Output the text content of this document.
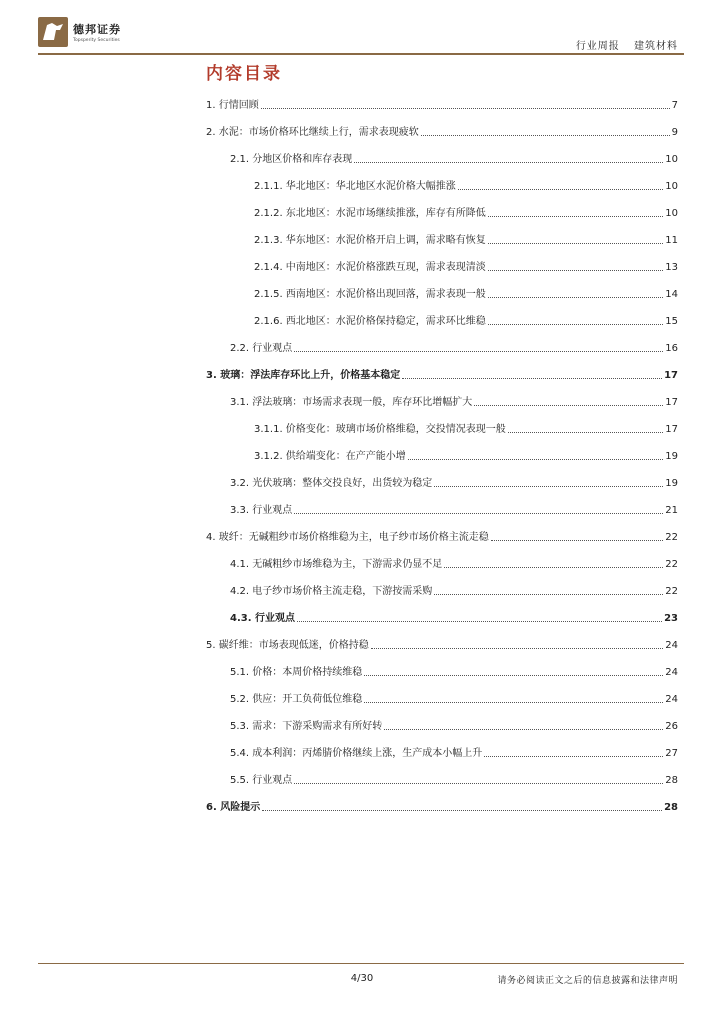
德邦证券
Topsperity Securities
行业周报 建筑材料
内容目录
1. 行情回顾	7
2. 水泥：市场价格环比继续上行，需求表现疲软	9
2.1. 分地区价格和库存表现	10
2.1.1. 华北地区：华北地区水泥价格大幅推涨	10
2.1.2. 东北地区：水泥市场继续推涨，库存有所降低	10
2.1.3. 华东地区：水泥价格开启上调，需求略有恢复	11
2.1.4. 中南地区：水泥价格涨跌互现，需求表现清淡	13
2.1.5. 西南地区：水泥价格出现回落，需求表现一般	14
2.1.6. 西北地区：水泥价格保持稳定，需求环比维稳	15
2.2. 行业观点	16
3. 玻璃：浮法库存环比上升，价格基本稳定	17
3.1. 浮法玻璃：市场需求表现一般，库存环比增幅扩大	17
3.1.1. 价格变化：玻璃市场价格维稳，交投情况表现一般	17
3.1.2. 供给端变化：在产产能小增	19
3.2. 光伏玻璃：整体交投良好，出货较为稳定	19
3.3. 行业观点	21
4. 玻纤：无碱粗纱市场价格维稳为主，电子纱市场价格主流走稳	22
4.1. 无碱粗纱市场维稳为主，下游需求仍显不足	22
4.2. 电子纱市场价格主流走稳，下游按需采购	22
4.3. 行业观点	23
5. 碳纤维：市场表现低迷，价格持稳	24
5.1. 价格：本周价格持续维稳	24
5.2. 供应：开工负荷低位维稳	24
5.3. 需求：下游采购需求有所好转	26
5.4. 成本利润：丙烯腈价格继续上涨，生产成本小幅上升	27
5.5. 行业观点	28
6. 风险提示	28
4/30	请务必阅读正文之后的信息披露和法律声明
